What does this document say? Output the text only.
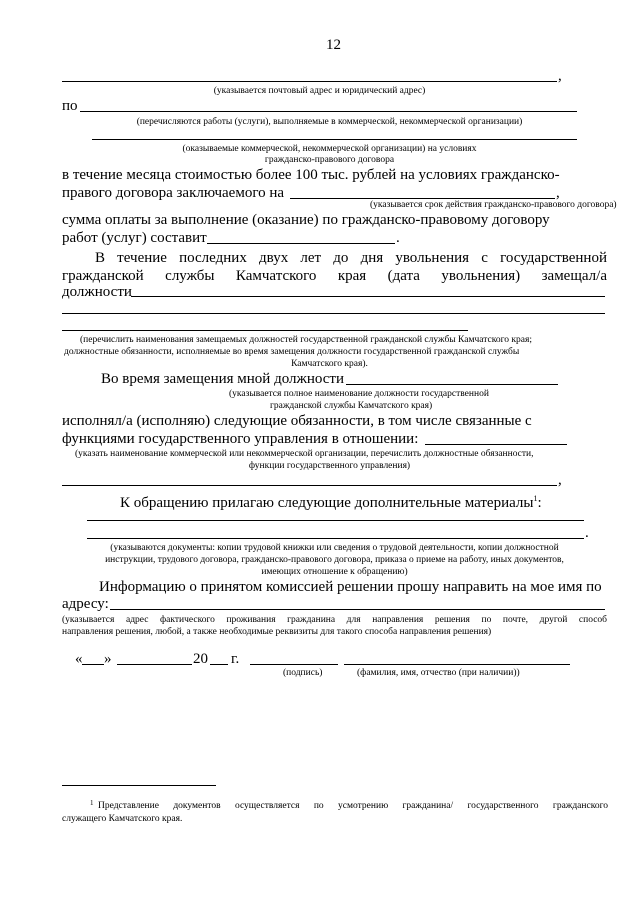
12
,
(указывается почтовый адрес и юридический адрес)
по
(перечисляются работы (услуги), выполняемые в коммерческой, некоммерческой организации)
(оказываемые коммерческой, некоммерческой организации) на условиях
гражданско-правового договора
в течение месяца стоимостью более 100 тыс. рублей на условиях гражданско-
правого договора заключаемого на	,
(указывается срок действия гражданско-правового договора)
сумма оплаты за выполнение (оказание) по гражданско-правовому договору
работ (услуг) составит	.
В течение последних двух лет до дня увольнения с государственной
гражданской службы Камчатского края (дата увольнения) замещал/а
должности
(перечислить наименования замещаемых должностей государственной гражданской службы Камчатского края;
должностные обязанности, исполняемые во время замещения должности государственной гражданской службы
Камчатского края).
Во время замещения мной должности
(указывается полное наименование должности государственной
гражданской службы Камчатского края)
исполнял/а (исполняю) следующие обязанности, в том числе связанные с
функциями государственного управления в отношении:
(указать наименование коммерческой или некоммерческой организации, перечислить должностные обязанности,
функции государственного управления)
,
К обращению прилагаю следующие дополнительные материалы$^1$:
.
(указываются документы: копии трудовой книжки или сведения о трудовой деятельности, копии должностной
инструкции, трудового договора, гражданско-правового договора, приказа о приеме на работу, иных документов,
имеющих отношение к обращению)
Информацию о принятом комиссией решении прошу направить на мое имя по
адресу:
(указывается адрес фактического проживания гражданина для направления решения по почте, другой способ
направления решения, любой, а также необходимые реквизиты для такого способа направления решения)
« »	20 г.
(подпись)	(фамилия, имя, отчество (при наличии))
1 Представление документов осуществляется по усмотрению гражданина/ государственного гражданского
служащего Камчатского края.
